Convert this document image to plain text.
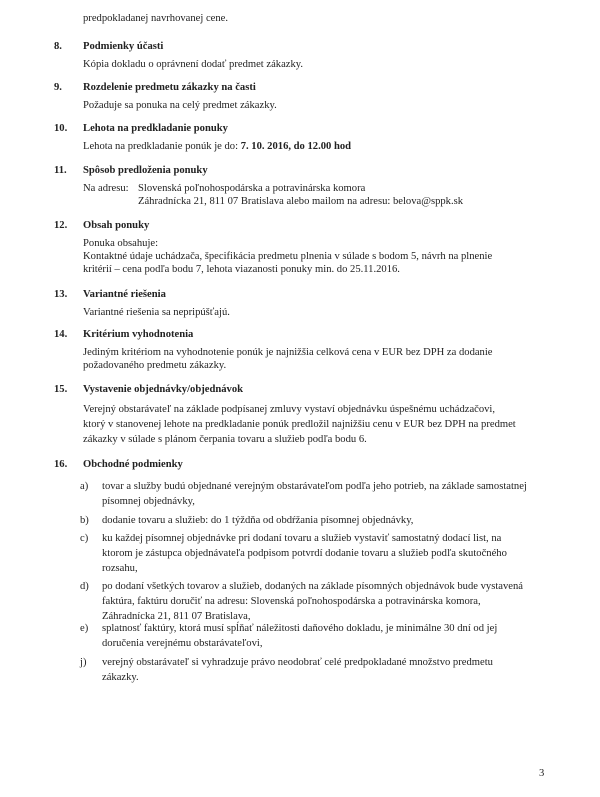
predpokladanej navrhovanej cene.
8. Podmienky účasti
Kópia dokladu o oprávnení dodať predmet zákazky.
9. Rozdelenie predmetu zákazky na časti
Požaduje sa ponuka na celý predmet zákazky.
10. Lehota na predkladanie ponuky
Lehota na predkladanie ponúk je do: 7. 10. 2016, do 12.00 hod
11. Spôsob predloženia ponuky
Na adresu: Slovenská poľnohospodárska a potravinárska komora
Záhradnícka 21, 811 07 Bratislava alebo mailom na adresu: belova@sppk.sk
12. Obsah ponuky
Ponuka obsahuje:
Kontaktné údaje uchádzača, špecifikácia predmetu plnenia v súlade s bodom 5, návrh na plnenie
kritérií – cena podľa bodu 7, lehota viazanosti ponuky min. do 25.11.2016.
13. Variantné riešenia
Variantné riešenia sa nepripúšťajú.
14. Kritérium vyhodnotenia
Jediným kritériom na vyhodnotenie ponúk je najnižšia celková cena v EUR bez DPH za dodanie
požadovaného predmetu zákazky.
15. Vystavenie objednávky/objednávok
Verejný obstarávateľ na základe podpísanej zmluvy vystaví objednávku úspešnému uchádzačovi,
ktorý v stanovenej lehote na predkladanie ponúk predložil najnižšiu cenu v EUR bez DPH na predmet
zákazky v súlade s plánom čerpania tovaru a služieb podľa bodu 6.
16. Obchodné podmienky
a) tovar a služby budú objednané verejným obstarávateľom podľa jeho potrieb, na základe samostatnej
písomnej objednávky,
b) dodanie tovaru a služieb: do 1 týždňa od obdŕžania písomnej objednávky,
c) ku každej písomnej objednávke pri dodaní tovaru a služieb vystaviť samostatný dodací list, na
ktorom je zástupca objednávateľa podpisom potvrdí dodanie tovaru a služieb podľa skutočného
rozsahu,
d) po dodaní všetkých tovarov a služieb, dodaných na základe písomných objednávok bude vystavená
faktúra, faktúru doručiť na adresu: Slovenská poľnohospodárska a potravinárska komora,
Záhradnícka 21, 811 07 Bratislava,
e) splatnosť faktúry, ktorá musí spĺňať náležitosti daňového dokladu, je minimálne 30 dní od jej
doručenia verejnému obstarávateľovi,
j) verejný obstarávateľ si vyhradzuje právo neodobrať celé predpokladané množstvo predmetu
zákazky.
3
